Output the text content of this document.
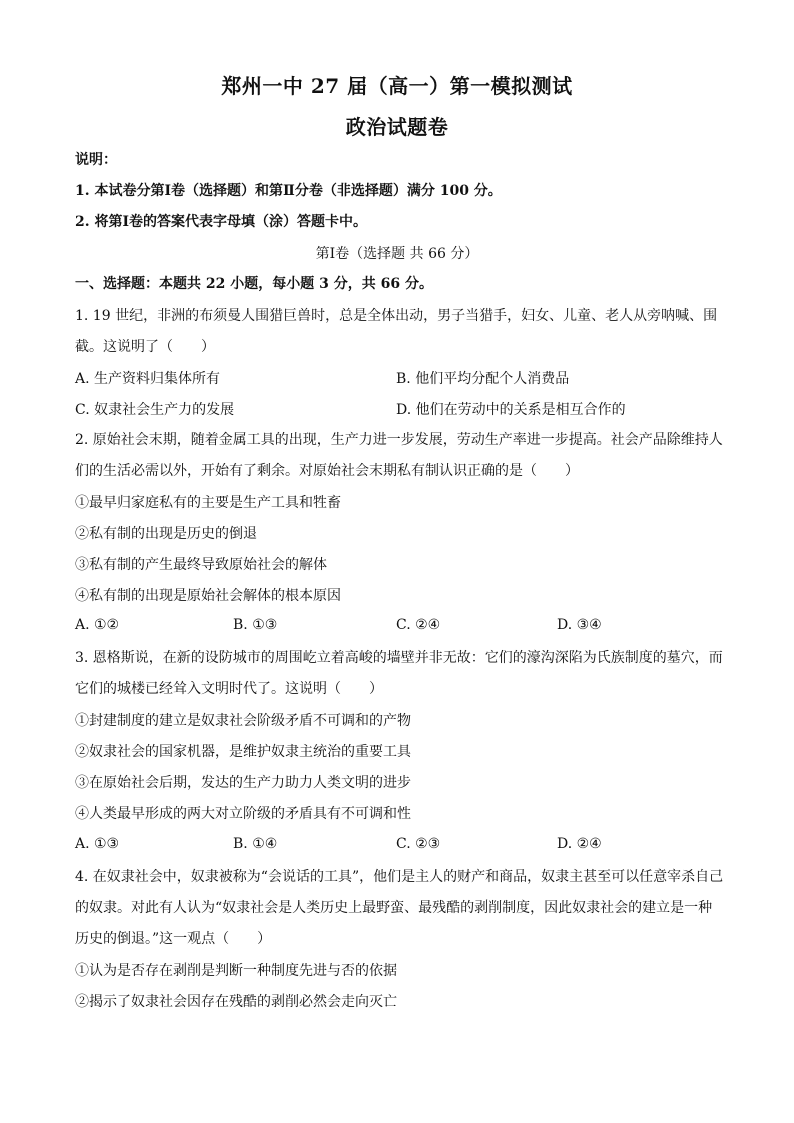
郑州一中 27 届（高一）第一模拟测试
政治试题卷
说明：
1. 本试卷分第Ⅰ卷（选择题）和第Ⅱ分卷（非选择题）满分 100 分。
2. 将第Ⅰ卷的答案代表字母填（涂）答题卡中。
第Ⅰ卷（选择题 共 66 分）
一、选择题：本题共 22 小题，每小题 3 分，共 66 分。
1. 19 世纪，非洲的布须曼人围猎巨兽时，总是全体出动，男子当猎手，妇女、儿童、老人从旁呐喊、围
截。这说明了（　　）
A. 生产资料归集体所有	B. 他们平均分配个人消费品
C. 奴隶社会生产力的发展	D. 他们在劳动中的关系是相互合作的
2. 原始社会末期，随着金属工具的出现，生产力进一步发展，劳动生产率进一步提高。社会产品除维持人
们的生活必需以外，开始有了剩余。对原始社会末期私有制认识正确的是（　　）
①最早归家庭私有的主要是生产工具和牲畜
②私有制的出现是历史的倒退
③私有制的产生最终导致原始社会的解体
④私有制的出现是原始社会解体的根本原因
A. ①②	B. ①③	C. ②④	D. ③④
3. 恩格斯说，在新的设防城市的周围屹立着高峻的墙壁并非无故：它们的濠沟深陷为氏族制度的墓穴，而
它们的城楼已经耸入文明时代了。这说明（　　）
①封建制度的建立是奴隶社会阶级矛盾不可调和的产物
②奴隶社会的国家机器，是维护奴隶主统治的重要工具
③在原始社会后期，发达的生产力助力人类文明的进步
④人类最早形成的两大对立阶级的矛盾具有不可调和性
A. ①③	B. ①④	C. ②③	D. ②④
4. 在奴隶社会中，奴隶被称为“会说话的工具”，他们是主人的财产和商品，奴隶主甚至可以任意宰杀自己
的奴隶。对此有人认为“奴隶社会是人类历史上最野蛮、最残酷的剥削制度，因此奴隶社会的建立是一种
历史的倒退。”这一观点（　　）
①认为是否存在剥削是判断一种制度先进与否的依据
②揭示了奴隶社会因存在残酷的剥削必然会走向灭亡
